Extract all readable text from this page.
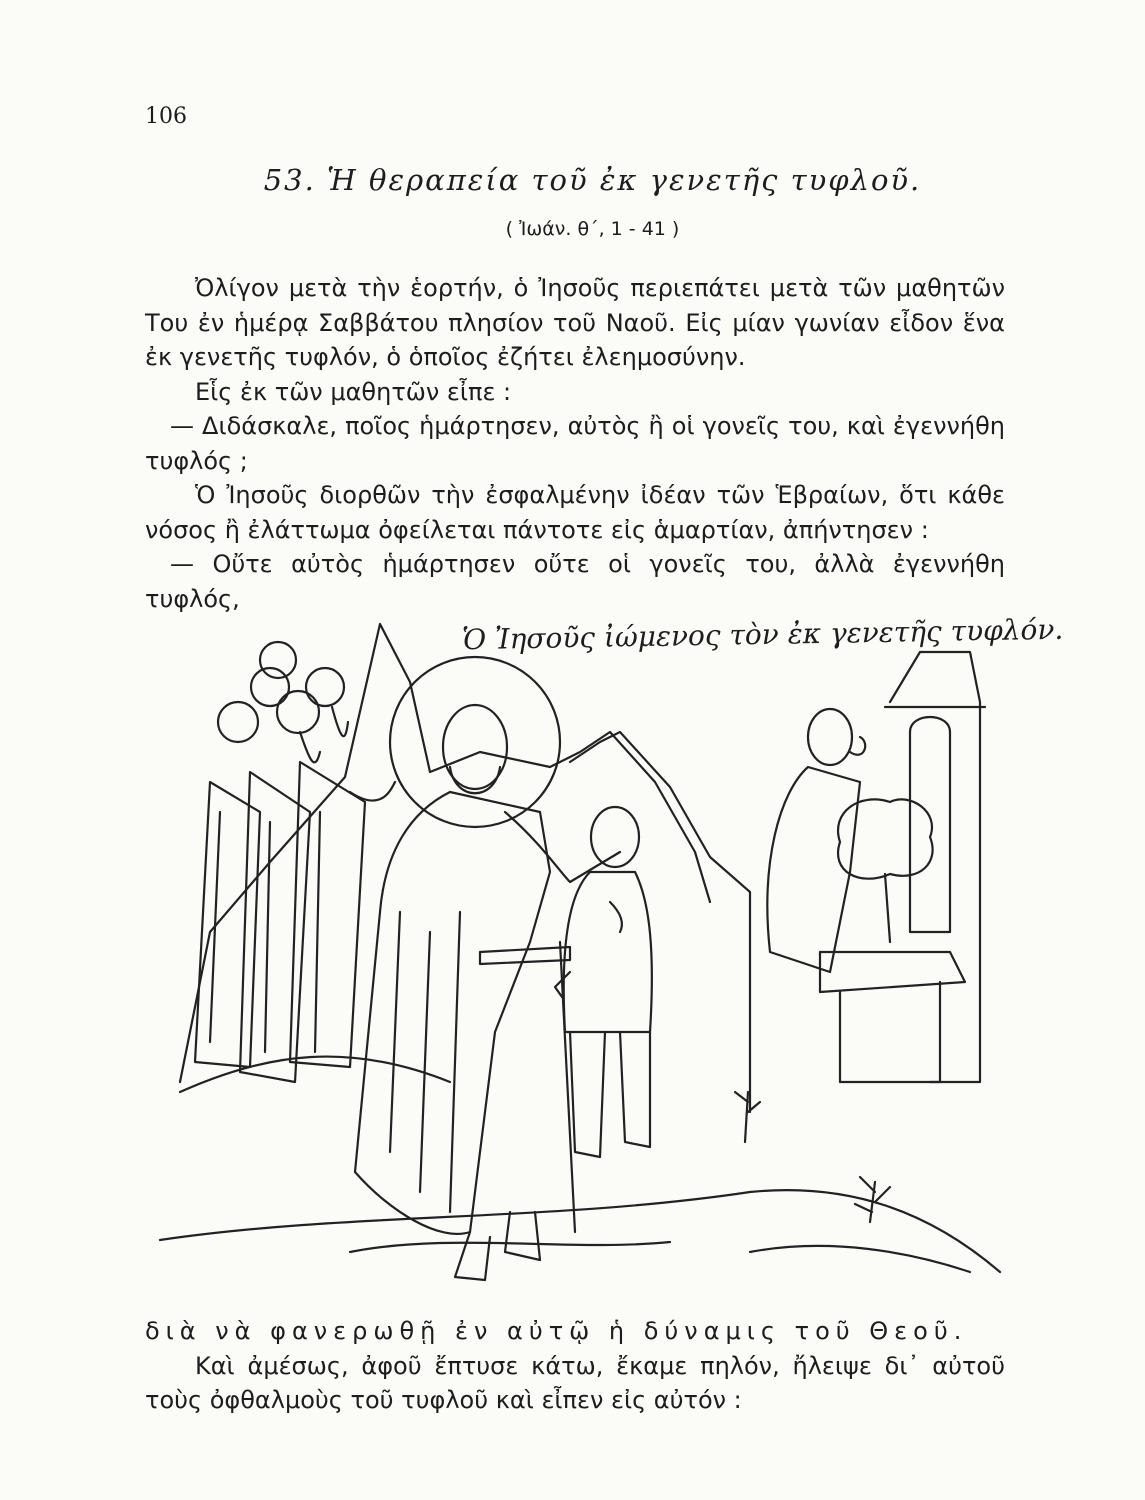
106
53. Ἡ θεραπεία τοῦ ἐκ γενετῆς τυφλοῦ.
( Ἰωάν. θ΄, 1 - 41 )

Ὀλίγον μετὰ τὴν ἑορτήν, ὁ Ἰησοῦς περιεπάτει μετὰ τῶν μαθητῶν Του ἐν ἡμέρᾳ Σαββάτου πλησίον τοῦ Ναοῦ. Εἰς μίαν γωνίαν εἶδον ἕνα ἐκ γενετῆς τυφλόν, ὁ ὁποῖος ἐζήτει ἐλεημοσύνην.

Εἷς ἐκ τῶν μαθητῶν εἶπε :

— Διδάσκαλε, ποῖος ἡμάρτησεν, αὐτὸς ἢ οἱ γονεῖς του, καὶ ἐγεννήθη τυφλός ;

Ὁ Ἰησοῦς διορθῶν τὴν ἐσφαλμένην ἰδέαν τῶν Ἑβραίων, ὅτι κάθε νόσος ἢ ἐλάττωμα ὀφείλεται πάντοτε εἰς ἁμαρτίαν, ἀπήντησεν :

— Οὔτε αὐτὸς ἡμάρτησεν οὔτε οἱ γονεῖς του, ἀλλὰ ἐγεννήθη τυφλός,

Ὁ Ἰησοῦς ἰώμενος τὸν ἐκ γενετῆς τυφλόν.

διὰ νὰ φανερωθῇ ἐν αὐτῷ ἡ δύναμις τοῦ Θεοῦ.

Καὶ ἀμέσως, ἀφοῦ ἔπτυσε κάτω, ἔκαμε πηλόν, ἤλειψε δι᾿ αὐτοῦ τοὺς ὀφθαλμοὺς τοῦ τυφλοῦ καὶ εἶπεν εἰς αὐτόν :
